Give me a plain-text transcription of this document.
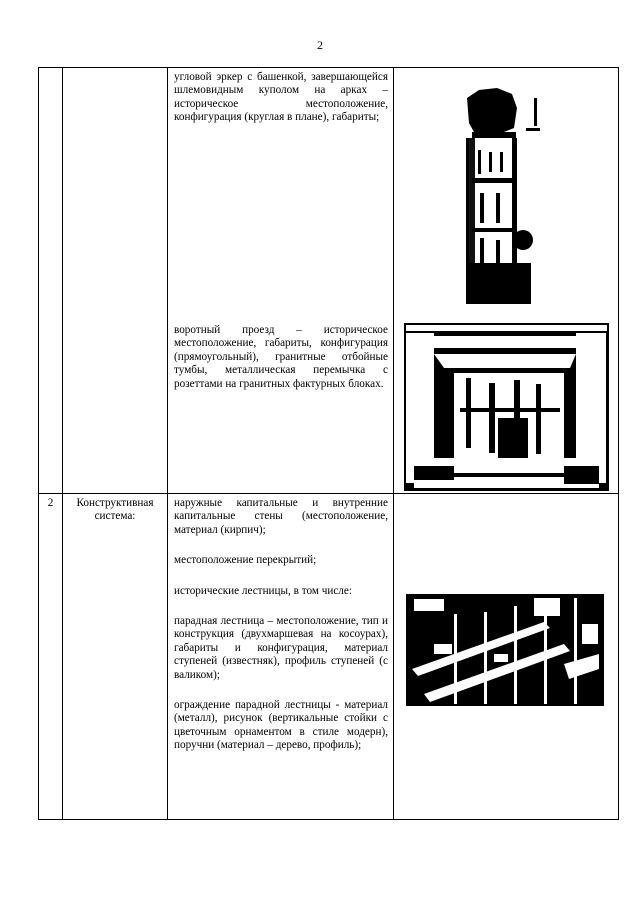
2

		угловой эркер с башенкой, завершающейся шлемовидным куполом на арках – историческое местоположение, конфигурация (круглая в плане), габариты;

воротный проезд – историческое местоположение, габариты, конфигурация (прямоугольный), гранитные отбойные тумбы, металлическая перемычка с розеттами на гранитных фактурных блоках.

2	Конструктивная система:	наружные капитальные и внутренние капитальные стены (местоположение, материал (кирпич);

местоположение перекрытий;

исторические лестницы, в том числе:

парадная лестница – местоположение, тип и конструкция (двухмаршевая на косоурах), габариты и конфигурация, материал ступеней (известняк), профиль ступеней (с валиком);

ограждение парадной лестницы - материал (металл), рисунок (вертикальные стойки с цветочным орнаментом в стиле модерн), поручни (материал – дерево, профиль);
